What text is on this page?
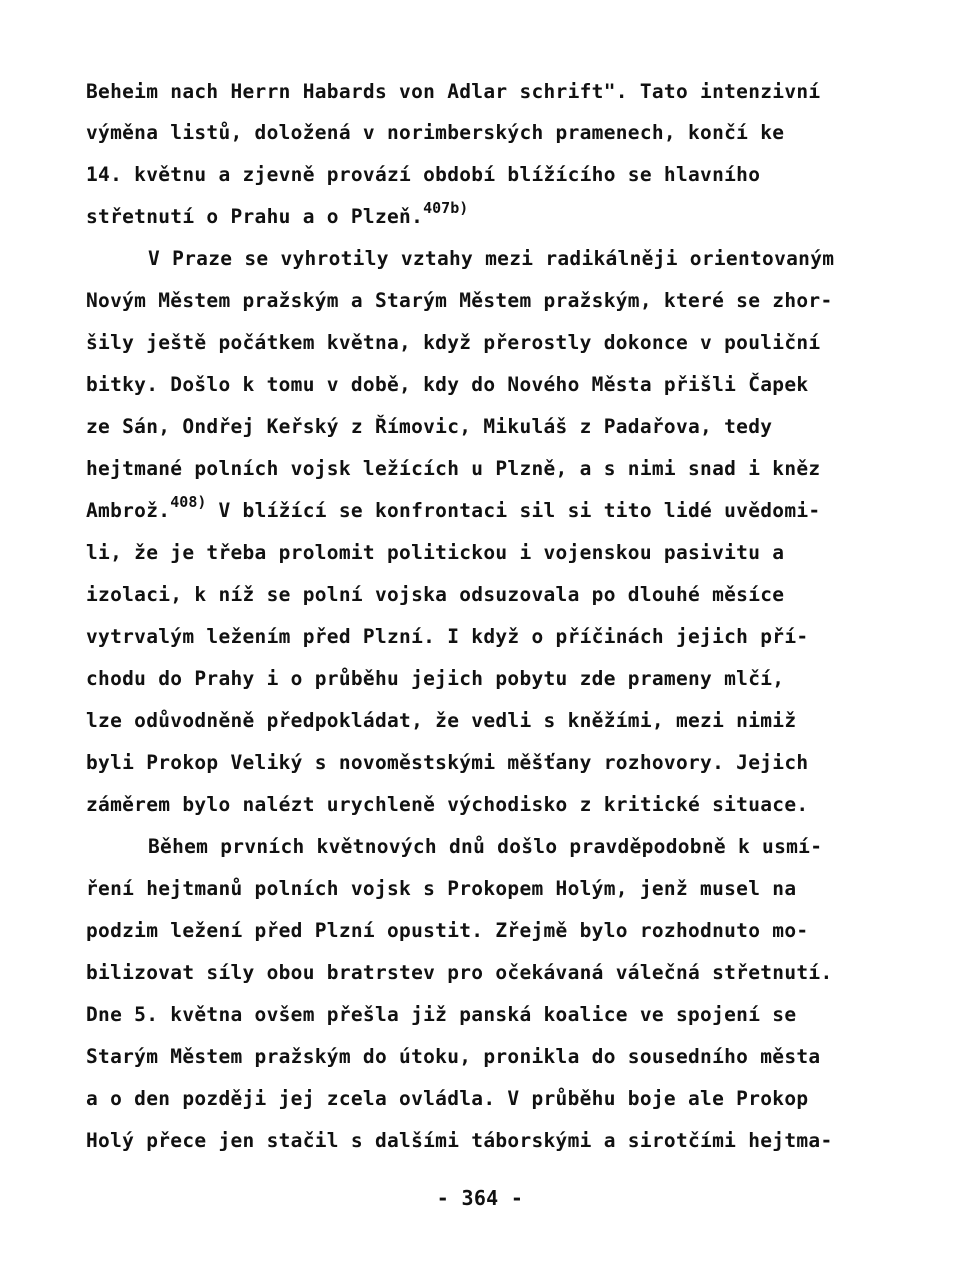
Beheim nach Herrn Habards von Adlar schrift". Tato intenzivní
výměna listů, doložená v norimberských pramenech, končí ke
14. květnu a zjevně provází období blížícího se hlavního
střetnutí o Prahu a o Plzeň.$^{407b)}$
V Praze se vyhrotily vztahy mezi radikálněji orientovaným
Novým Městem pražským a Starým Městem pražským, které se zhor-
šily ještě počátkem května, když přerostly dokonce v pouliční
bitky. Došlo k tomu v době, kdy do Nového Města přišli Čapek
ze Sán, Ondřej Keřský z Římovic, Mikuláš z Padařova, tedy
hejtmané polních vojsk ležících u Plzně, a s nimi snad i kněz
Ambrož.$^{408)}$ V blížící se konfrontaci sil si tito lidé uvědomi-
li, že je třeba prolomit politickou i vojenskou pasivitu a
izolaci, k níž se polní vojska odsuzovala po dlouhé měsíce
vytrvalým ležením před Plzní. I když o příčinách jejich pří-
chodu do Prahy i o průběhu jejich pobytu zde prameny mlčí,
lze odůvodněně předpokládat, že vedli s kněžími, mezi nimiž
byli Prokop Veliký s novoměstskými měšťany rozhovory. Jejich
záměrem bylo nalézt urychleně východisko z kritické situace.
Během prvních květnových dnů došlo pravděpodobně k usmí-
ření hejtmanů polních vojsk s Prokopem Holým, jenž musel na
podzim ležení před Plzní opustit. Zřejmě bylo rozhodnuto mo-
bilizovat síly obou bratrstev pro očekávaná válečná střetnutí.
Dne 5. května ovšem přešla již panská koalice ve spojení se
Starým Městem pražským do útoku, pronikla do sousedního města
a o den později jej zcela ovládla. V průběhu boje ale Prokop
Holý přece jen stačil s dalšími táborskými a sirotčími hejtma-
- 364 -
